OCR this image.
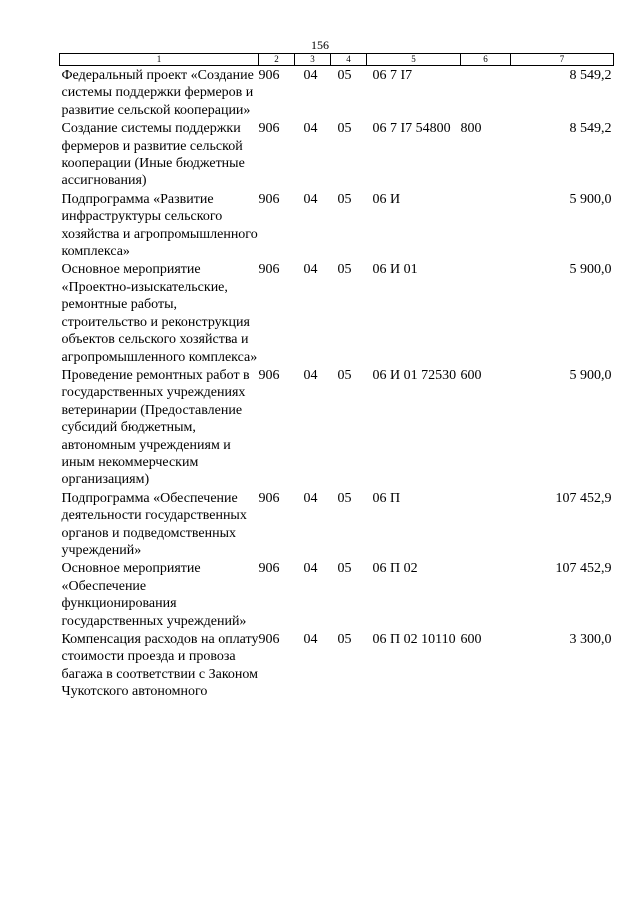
156
1	2	3	4	5	6	7
Федеральный проект «Создание системы поддержки фермеров и развитие сельской кооперации»	906	04	05	06 7 I7		8 549,2
Создание системы поддержки фермеров и развитие сельской кооперации (Иные бюджетные ассигнования)	906	04	05	06 7 I7 54800	800	8 549,2
Подпрограмма «Развитие инфраструктуры сельского хозяйства и агропромышленного комплекса»	906	04	05	06 И		5 900,0
Основное мероприятие «Проектно-изыскательские, ремонтные работы, строительство и реконструкция объектов сельского хозяйства и агропромышленного комплекса»	906	04	05	06 И 01		5 900,0
Проведение ремонтных работ в государственных учреждениях ветеринарии (Предоставление субсидий бюджетным, автономным учреждениям и иным некоммерческим организациям)	906	04	05	06 И 01 72530	600	5 900,0
Подпрограмма «Обеспечение деятельности государственных органов и подведомственных учреждений»	906	04	05	06 П		107 452,9
Основное мероприятие «Обеспечение функционирования государственных учреждений»	906	04	05	06 П 02		107 452,9
Компенсация расходов на оплату стоимости проезда и провоза багажа в соответствии с Законом Чукотского автономного	906	04	05	06 П 02 10110	600	3 300,0
